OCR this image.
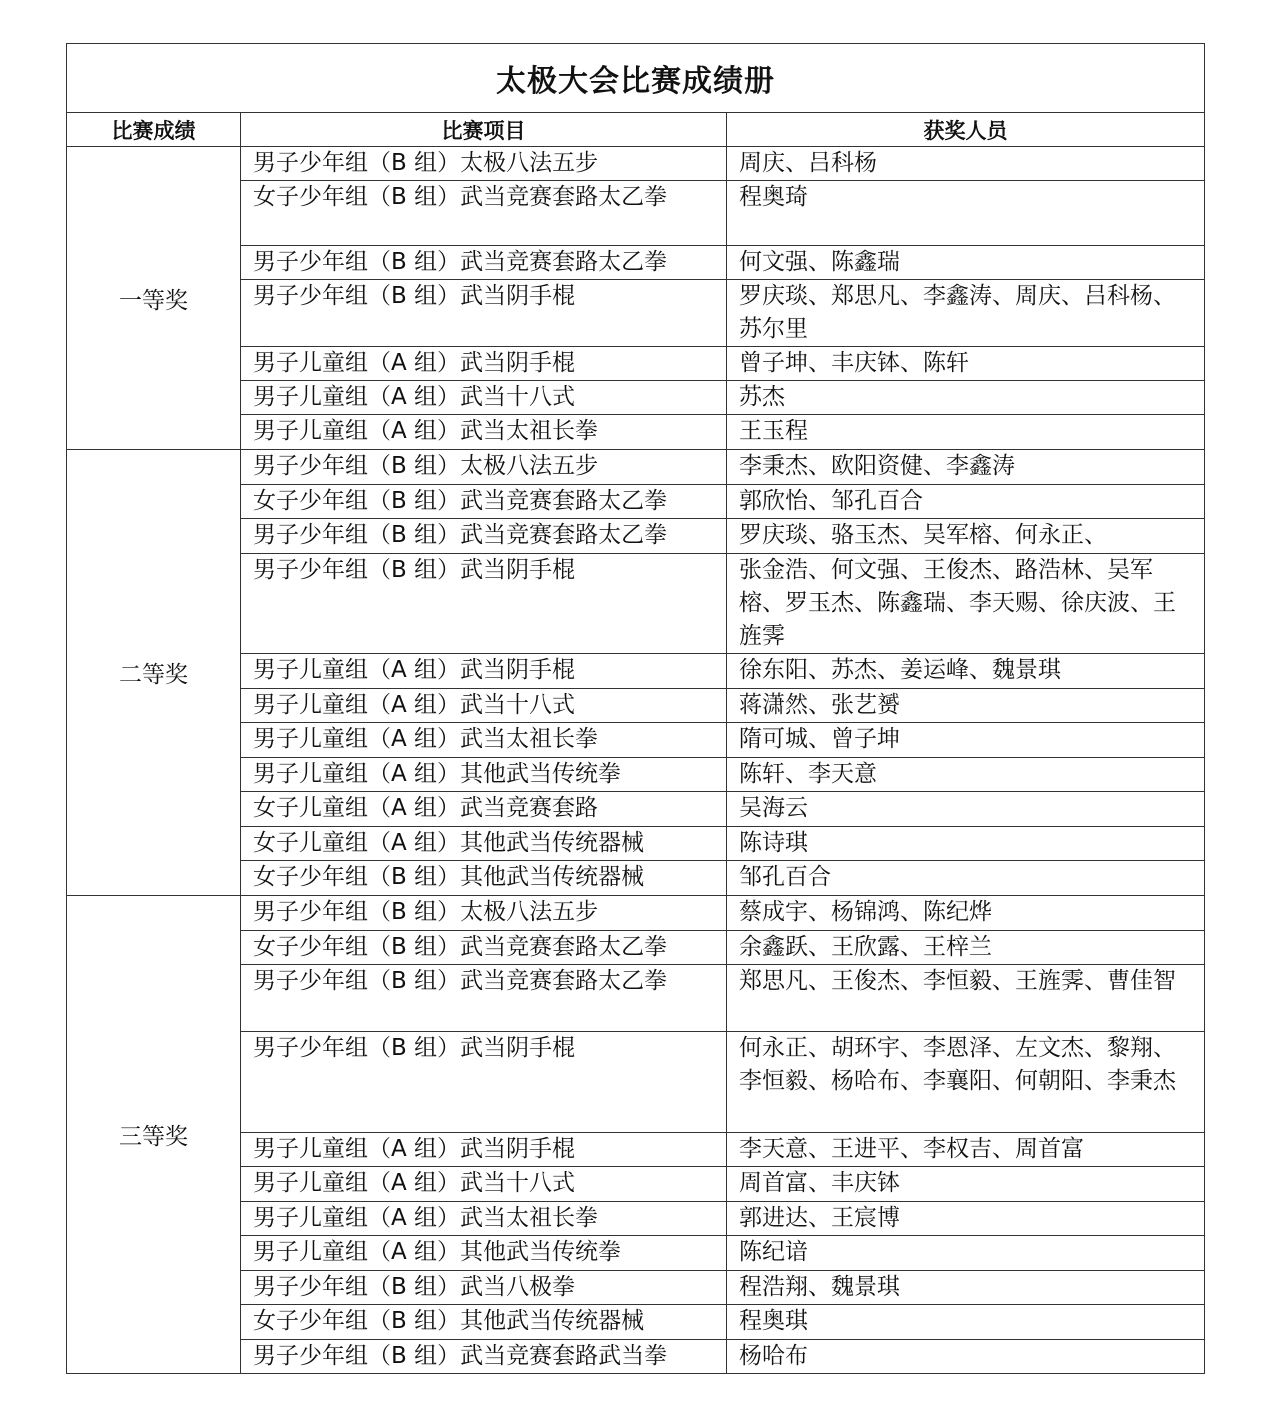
太极大会比赛成绩册		
比赛成绩	比赛项目	获奖人员
一等奖	男子少年组（B 组）太极八法五步	周庆、吕科杨
	女子少年组（B 组）武当竞赛套路太乙拳	程奥琦
	男子少年组（B 组）武当竞赛套路太乙拳	何文强、陈鑫瑞
	男子少年组（B 组）武当阴手棍	罗庆琰、郑思凡、李鑫涛、周庆、吕科杨、苏尔里
	男子儿童组（A 组）武当阴手棍	曾子坤、丰庆钵、陈轩
	男子儿童组（A 组）武当十八式	苏杰
	男子儿童组（A 组）武当太祖长拳	王玉程
二等奖	男子少年组（B 组）太极八法五步	李秉杰、欧阳资健、李鑫涛
	女子少年组（B 组）武当竞赛套路太乙拳	郭欣怡、邹孔百合
	男子少年组（B 组）武当竞赛套路太乙拳	罗庆琰、骆玉杰、吴军榕、何永正、
	男子少年组（B 组）武当阴手棍	张金浩、何文强、王俊杰、路浩林、吴军榕、罗玉杰、陈鑫瑞、李天赐、徐庆波、王旌霁
	男子儿童组（A 组）武当阴手棍	徐东阳、苏杰、姜运峰、魏景琪
	男子儿童组（A 组）武当十八式	蒋潇然、张艺赟
	男子儿童组（A 组）武当太祖长拳	隋可城、曾子坤
	男子儿童组（A 组）其他武当传统拳	陈轩、李天意
	女子儿童组（A 组）武当竞赛套路	吴海云
	女子儿童组（A 组）其他武当传统器械	陈诗琪
	女子少年组（B 组）其他武当传统器械	邹孔百合
三等奖	男子少年组（B 组）太极八法五步	蔡成宇、杨锦鸿、陈纪烨
	女子少年组（B 组）武当竞赛套路太乙拳	余鑫跃、王欣露、王梓兰
	男子少年组（B 组）武当竞赛套路太乙拳	郑思凡、王俊杰、李恒毅、王旌霁、曹佳智
	男子少年组（B 组）武当阴手棍	何永正、胡环宇、李恩泽、左文杰、黎翔、李恒毅、杨哈布、李襄阳、何朝阳、李秉杰
	男子儿童组（A 组）武当阴手棍	李天意、王进平、李权吉、周首富
	男子儿童组（A 组）武当十八式	周首富、丰庆钵
	男子儿童组（A 组）武当太祖长拳	郭进达、王宸博
	男子儿童组（A 组）其他武当传统拳	陈纪谙
	男子少年组（B 组）武当八极拳	程浩翔、魏景琪
	女子少年组（B 组）其他武当传统器械	程奥琪
	男子少年组（B 组）武当竞赛套路武当拳	杨哈布
